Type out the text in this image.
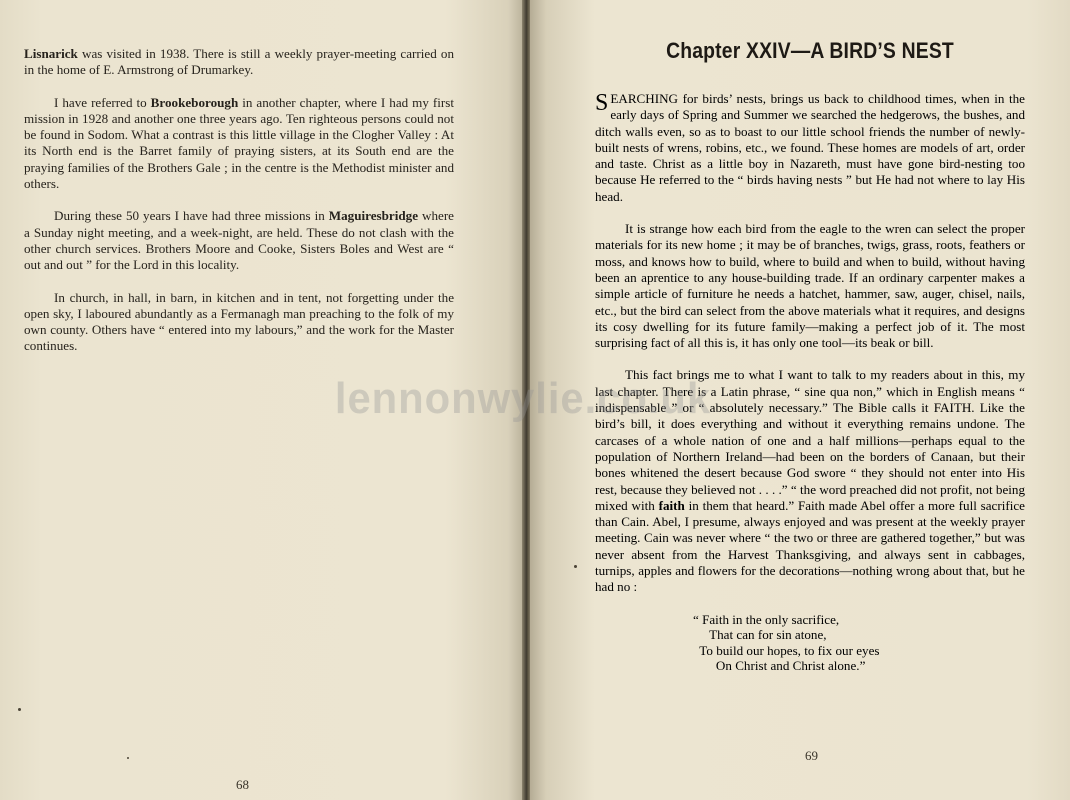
Lisnarick was visited in 1938. There is still a weekly prayer-meeting carried on in the home of E. Armstrong of Drumarkey.

I have referred to Brookeborough in another chapter, where I had my first mission in 1928 and another one three years ago. Ten righteous persons could not be found in Sodom. What a contrast is this little village in the Clogher Valley : At its North end is the Barret family of praying sisters, at its South end are the praying families of the Brothers Gale ; in the centre is the Methodist minister and others.

During these 50 years I have had three missions in Maguiresbridge where a Sunday night meeting, and a week-night, are held. These do not clash with the other church services. Brothers Moore and Cooke, Sisters Boles and West are “ out and out ” for the Lord in this locality.

In church, in hall, in barn, in kitchen and in tent, not forgetting under the open sky, I laboured abundantly as a Fermanagh man preaching to the folk of my own county. Others have “ entered into my labours,” and the work for the Master continues.

68
Chapter XXIV—A BIRD’S NEST

SEARCHING for birds’ nests, brings us back to childhood times, when in the early days of Spring and Summer we searched the hedgerows, the bushes, and ditch walls even, so as to boast to our little school friends the number of newly-built nests of wrens, robins, etc., we found. These homes are models of art, order and taste. Christ as a little boy in Nazareth, must have gone bird-nesting too because He referred to the “ birds having nests ” but He had not where to lay His head.

It is strange how each bird from the eagle to the wren can select the proper materials for its new home ; it may be of branches, twigs, grass, roots, feathers or moss, and knows how to build, where to build and when to build, without having been an aprentice to any house-building trade. If an ordinary carpenter makes a simple article of furniture he needs a hatchet, hammer, saw, auger, chisel, nails, etc., but the bird can select from the above materials what it requires, and designs its cosy dwelling for its future family—making a perfect job of it. The most surprising fact of all this is, it has only one tool—its beak or bill.

This fact brings me to what I want to talk to my readers about in this, my last chapter. There is a Latin phrase, “ sine qua non,” which in English means “ indispensable ” or “ absolutely necessary.” The Bible calls it FAITH. Like the bird’s bill, it does everything and without it everything remains undone. The carcases of a whole nation of one and a half millions—perhaps equal to the population of Northern Ireland—had been on the borders of Canaan, but their bones whitened the desert because God swore “ they should not enter into His rest, because they believed not . . . .” “ the word preached did not profit, not being mixed with faith in them that heard.” Faith made Abel offer a more full sacrifice than Cain. Abel, I presume, always enjoyed and was present at the weekly prayer meeting. Cain was never where “ the two or three are gathered together,” but was never absent from the Harvest Thanksgiving, and always sent in cabbages, turnips, apples and flowers for the decorations—nothing wrong about that, but he had no :

“ Faith in the only sacrifice,
That can for sin atone,
To build our hopes, to fix our eyes
On Christ and Christ alone.”
69
lennonwylie.co.uk
